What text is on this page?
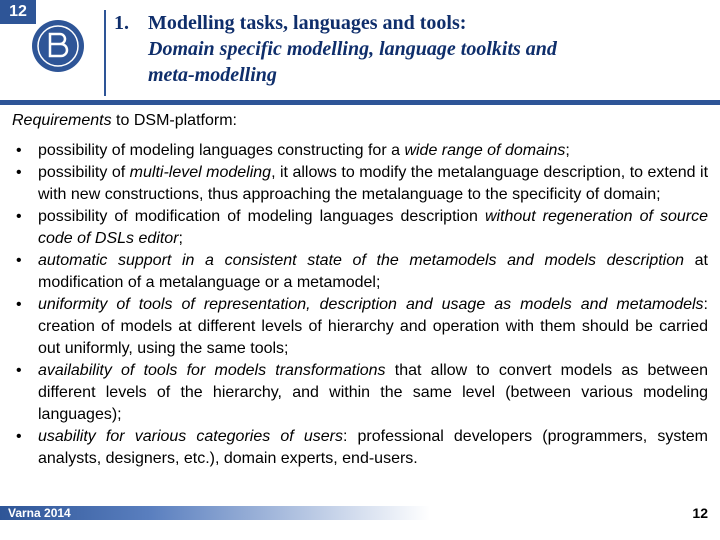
12
1. Modelling tasks, languages and tools:
Domain specific modelling, language toolkits and
meta-modelling

Requirements to DSM-platform:

• possibility of modeling languages constructing for a wide range of domains;
• possibility of multi-level modeling, it allows to modify the metalanguage description, to extend it with new constructions, thus approaching the metalanguage to the specificity of domain;
• possibility of modification of modeling languages description without regeneration of source code of DSLs editor;
• automatic support in a consistent state of the metamodels and models description at modification of a metalanguage or a metamodel;
• uniformity of tools of representation, description and usage as models and metamodels: creation of models at different levels of hierarchy and operation with them should be carried out uniformly, using the same tools;
• availability of tools for models transformations that allow to convert models as between different levels of the hierarchy, and within the same level (between various modeling languages);
• usability for various categories of users: professional developers (programmers, system analysts, designers, etc.), domain experts, end-users.
Varna 2014	12
